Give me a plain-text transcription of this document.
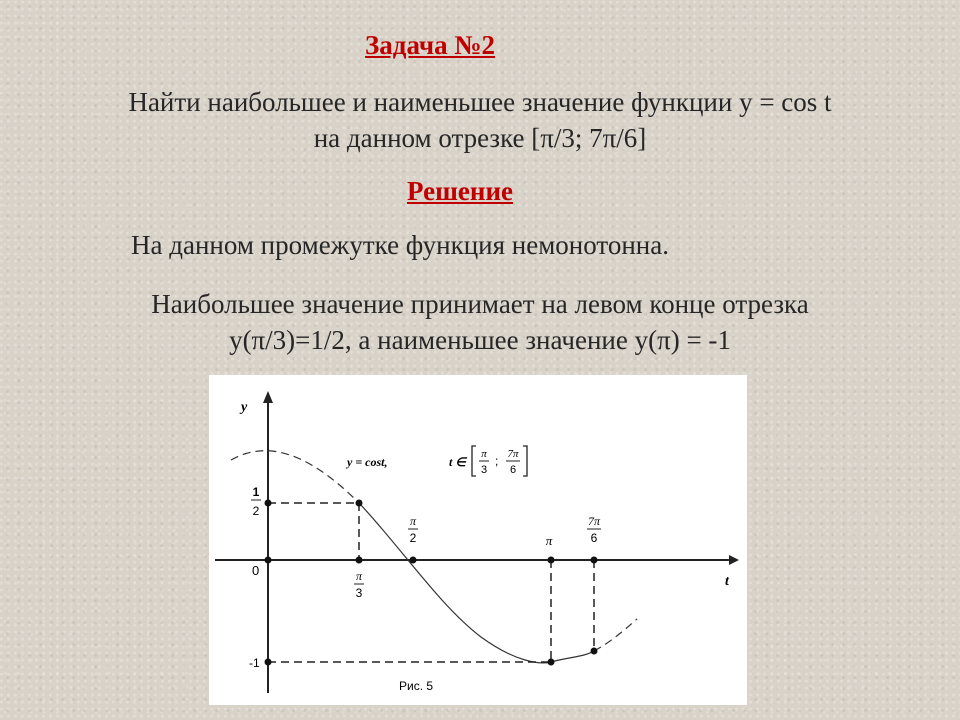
Задача №2
Найти наибольшее и наименьшее значение функции y = cos t
на данном отрезке [π/3; 7π/6]
Решение
На данном промежутке функция немонотонна.
Наибольшее значение принимает на левом конце отрезка
y(π/3)=1/2, а наименьшее значение y(π) = -1
y
t
0
1
2
-1
π
3
π
2	π
7π
6
y = cost,	t ∈
π
3
; 7π
6
Рис. 5
